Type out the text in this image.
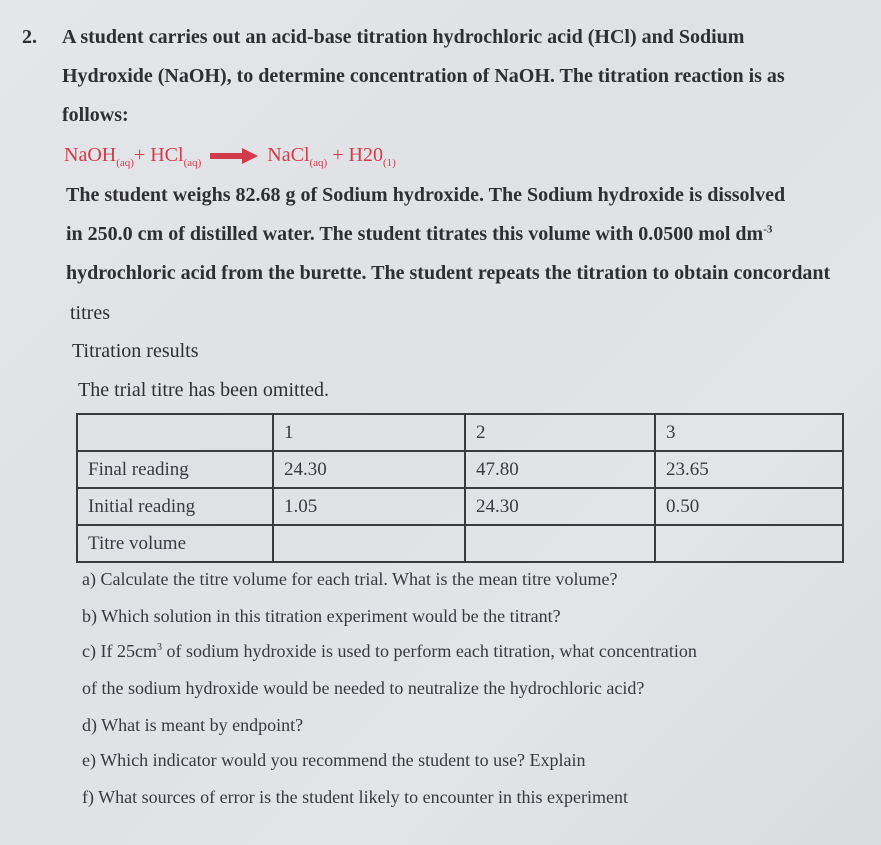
2. A student carries out an acid-base titration hydrochloric acid (HCl) and Sodium
Hydroxide (NaOH), to determine concentration of NaOH. The titration reaction is as
follows:
NaOH$_{(aq)}$+ HCl$_{(aq)}$ → NaCl$_{(aq)}$ + $H20_{(1)}$
The student weighs 82.68 g of Sodium hydroxide. The Sodium hydroxide is dissolved
in 250.0 cm of distilled water. The student titrates this volume with 0.0500 mol $dm^{-3}$
hydrochloric acid from the burette. The student repeats the titration to obtain concordant
titres
Titration results
The trial titre has been omitted.
	1	2	3
Final reading	24.30	47.80	23.65
Initial reading	1.05	24.30	0.50
Titre volume			
a) Calculate the titre volume for each trial. What is the mean titre volume?
b) Which solution in this titration experiment would be the titrant?
c) If $25cm^3$ of sodium hydroxide is used to perform each titration, what concentration
of the sodium hydroxide would be needed to neutralize the hydrochloric acid?
d) What is meant by endpoint?
e) Which indicator would you recommend the student to use? Explain
f) What sources of error is the student likely to encounter in this experiment
